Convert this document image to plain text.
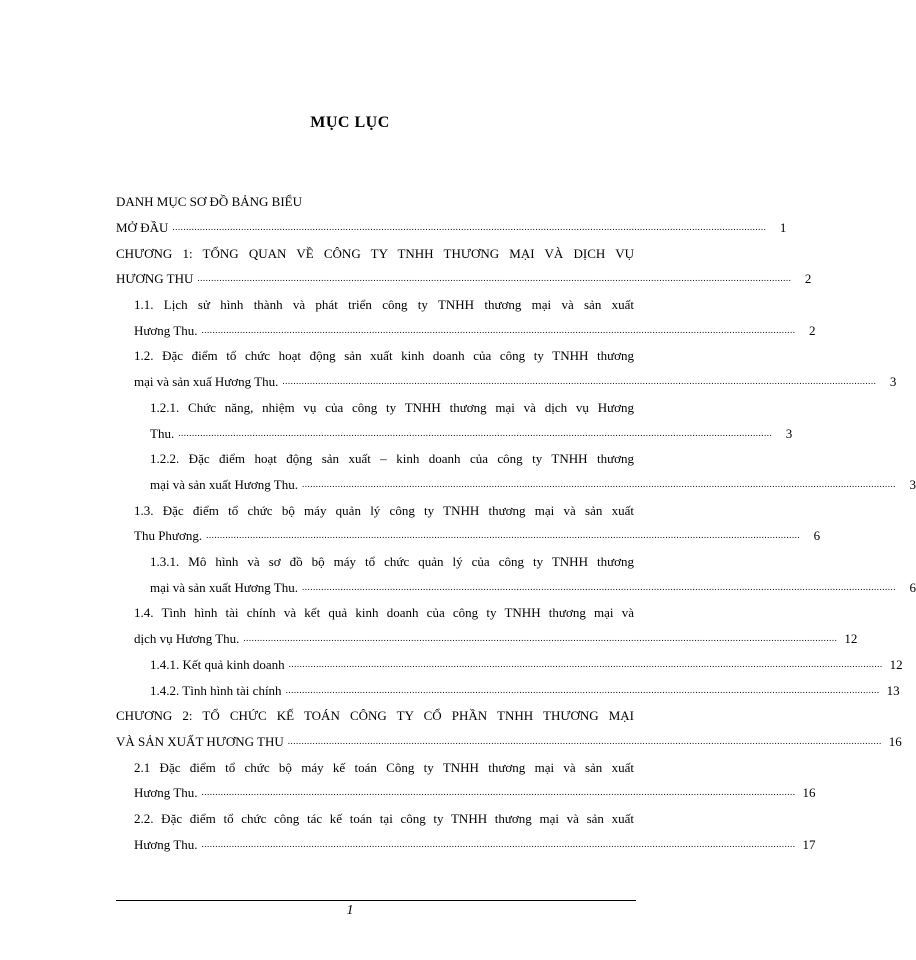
MỤC LỤC
DANH MỤC SƠ ĐỒ BẢNG BIỂU
MỞ ĐẦU ........................................................................................................................................................................................................................	1
CHƯƠNG 1: TỔNG QUAN VỀ CÔNG TY TNHH THƯƠNG MẠI VÀ DỊCH VỤ
HƯƠNG THU ........................................................................................................................................................................................................................	2
1.1. Lịch sử hình thành và phát triển công ty TNHH thương mại và sản xuất
Hương Thu. ........................................................................................................................................................................................................................	2
1.2. Đặc điểm tổ chức hoạt động sản xuất kinh doanh của công ty TNHH thương
mại và sản xuấ Hương Thu. ........................................................................................................................................................................................................................	3
1.2.1. Chức năng, nhiệm vụ của công ty TNHH thương mại và dịch vụ Hương
Thu. ........................................................................................................................................................................................................................	3
1.2.2. Đặc điểm hoạt động sản xuất – kinh doanh của công ty TNHH thương
mại và sản xuất Hương Thu. ........................................................................................................................................................................................................................	3
1.3. Đặc điểm tổ chức bộ máy quản lý công ty TNHH thương mại và sản xuất
Thu Phương. ........................................................................................................................................................................................................................	6
1.3.1. Mô hình và sơ đồ bộ máy tổ chức quản lý của công ty TNHH thương
mại và sản xuất Hương Thu. ........................................................................................................................................................................................................................	6
1.4. Tình hình tài chính và kết quả kinh doanh của công ty TNHH thương mại và
dịch vụ Hương Thu. ........................................................................................................................................................................................................................ 12
1.4.1. Kết quả kinh doanh ........................................................................................................................................................................................................................ 12
1.4.2. Tình hình tài chính ........................................................................................................................................................................................................................ 13
CHƯƠNG 2: TỔ CHỨC KẾ TOÁN CÔNG TY CỔ PHẦN TNHH THƯƠNG MẠI
VÀ SẢN XUẤT HƯƠNG THU ........................................................................................................................................................................................................................ 16
2.1 Đặc điểm tổ chức bộ máy kế toán Công ty TNHH thương mại và sản xuất
Hương Thu. ........................................................................................................................................................................................................................ 16
2.2. Đặc điểm tổ chức công tác kế toán tại công ty TNHH thương mại và sản xuất
Hương Thu. ........................................................................................................................................................................................................................ 17
1
